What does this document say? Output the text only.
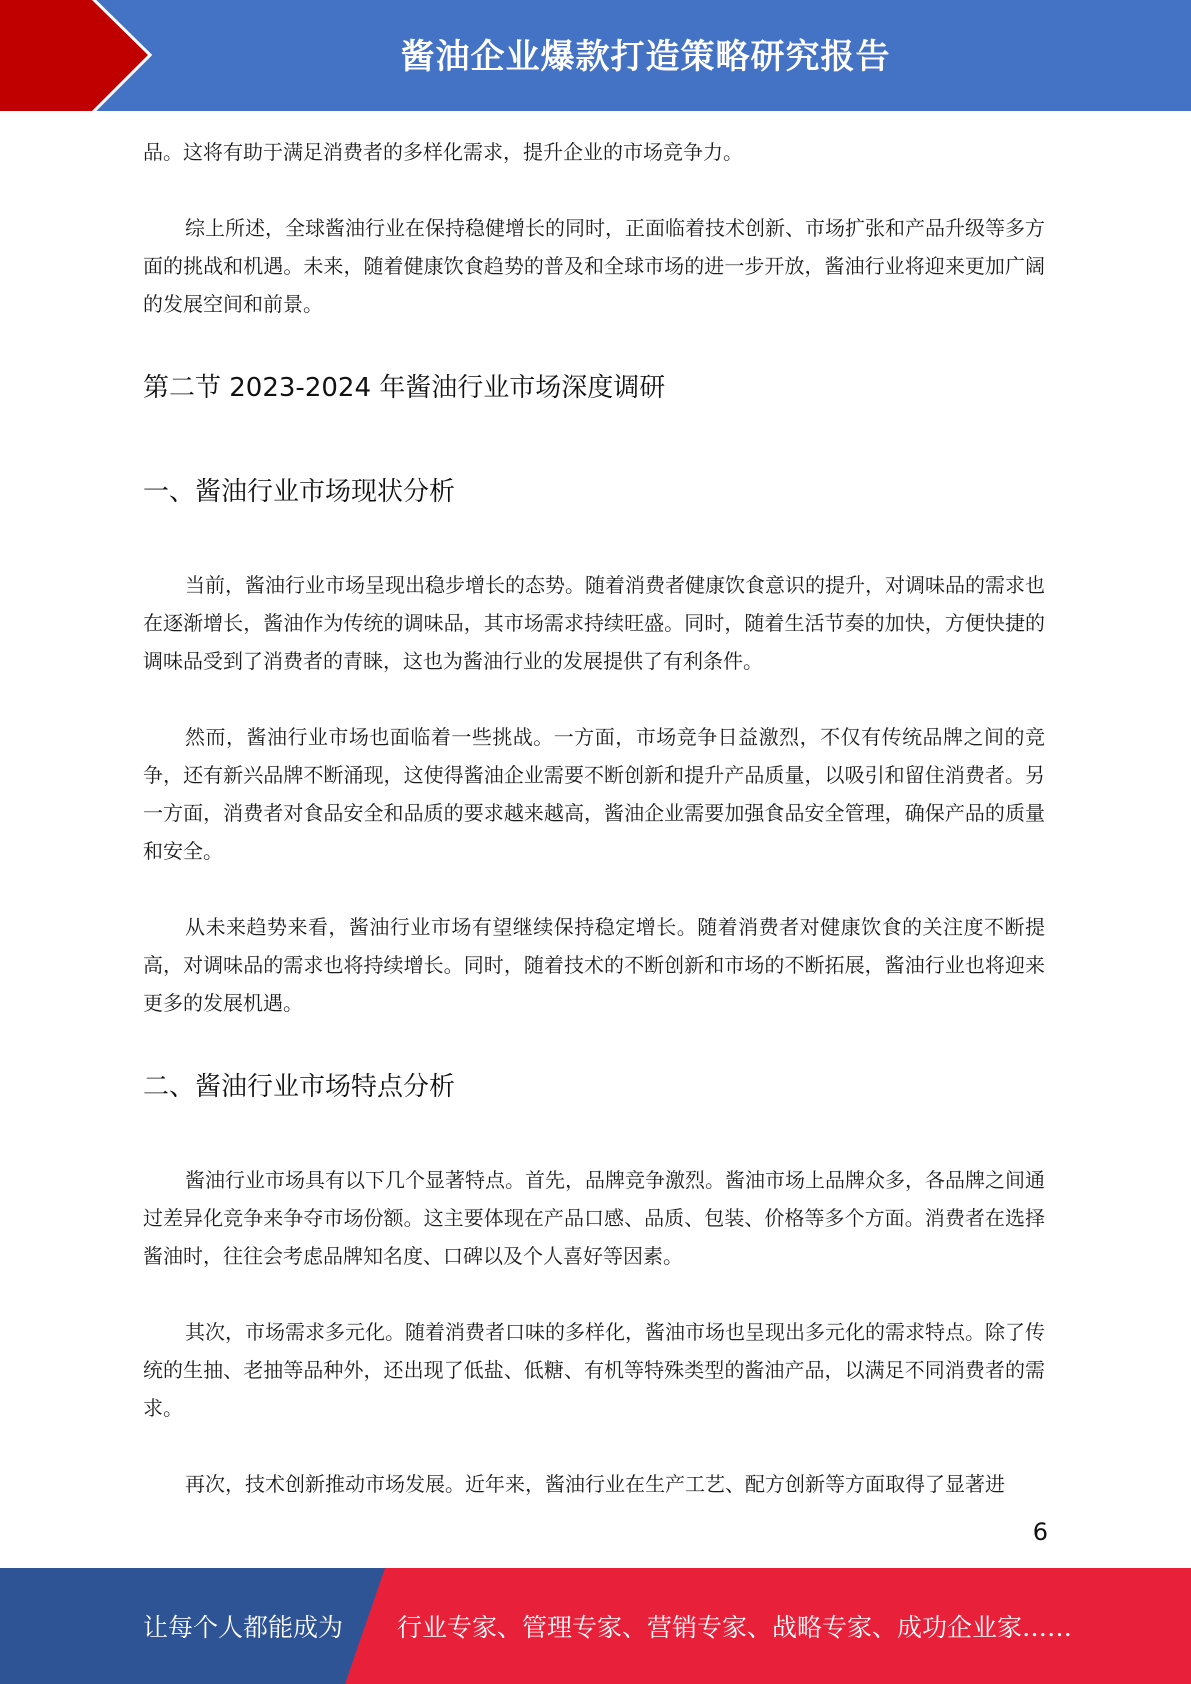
酱油企业爆款打造策略研究报告

品。这将有助于满足消费者的多样化需求，提升企业的市场竞争力。

综上所述，全球酱油行业在保持稳健增长的同时，正面临着技术创新、市场扩张和产品升级等多方面的挑战和机遇。未来，随着健康饮食趋势的普及和全球市场的进一步开放，酱油行业将迎来更加广阔的发展空间和前景。

第二节 2023-2024 年酱油行业市场深度调研
一、酱油行业市场现状分析

当前，酱油行业市场呈现出稳步增长的态势。随着消费者健康饮食意识的提升，对调味品的需求也在逐渐增长，酱油作为传统的调味品，其市场需求持续旺盛。同时，随着生活节奏的加快，方便快捷的调味品受到了消费者的青睐，这也为酱油行业的发展提供了有利条件。

然而，酱油行业市场也面临着一些挑战。一方面，市场竞争日益激烈，不仅有传统品牌之间的竞争，还有新兴品牌不断涌现，这使得酱油企业需要不断创新和提升产品质量，以吸引和留住消费者。另一方面，消费者对食品安全和品质的要求越来越高，酱油企业需要加强食品安全管理，确保产品的质量和安全。

从未来趋势来看，酱油行业市场有望继续保持稳定增长。随着消费者对健康饮食的关注度不断提高，对调味品的需求也将持续增长。同时，随着技术的不断创新和市场的不断拓展，酱油行业也将迎来更多的发展机遇。

二、酱油行业市场特点分析

酱油行业市场具有以下几个显著特点。首先，品牌竞争激烈。酱油市场上品牌众多，各品牌之间通过差异化竞争来争夺市场份额。这主要体现在产品口感、品质、包装、价格等多个方面。消费者在选择酱油时，往往会考虑品牌知名度、口碑以及个人喜好等因素。

其次，市场需求多元化。随着消费者口味的多样化，酱油市场也呈现出多元化的需求特点。除了传统的生抽、老抽等品种外，还出现了低盐、低糖、有机等特殊类型的酱油产品，以满足不同消费者的需求。

再次，技术创新推动市场发展。近年来，酱油行业在生产工艺、配方创新等方面取得了显著进

6
让每个人都能成为 行业专家、管理专家、营销专家、战略专家、成功企业家……
